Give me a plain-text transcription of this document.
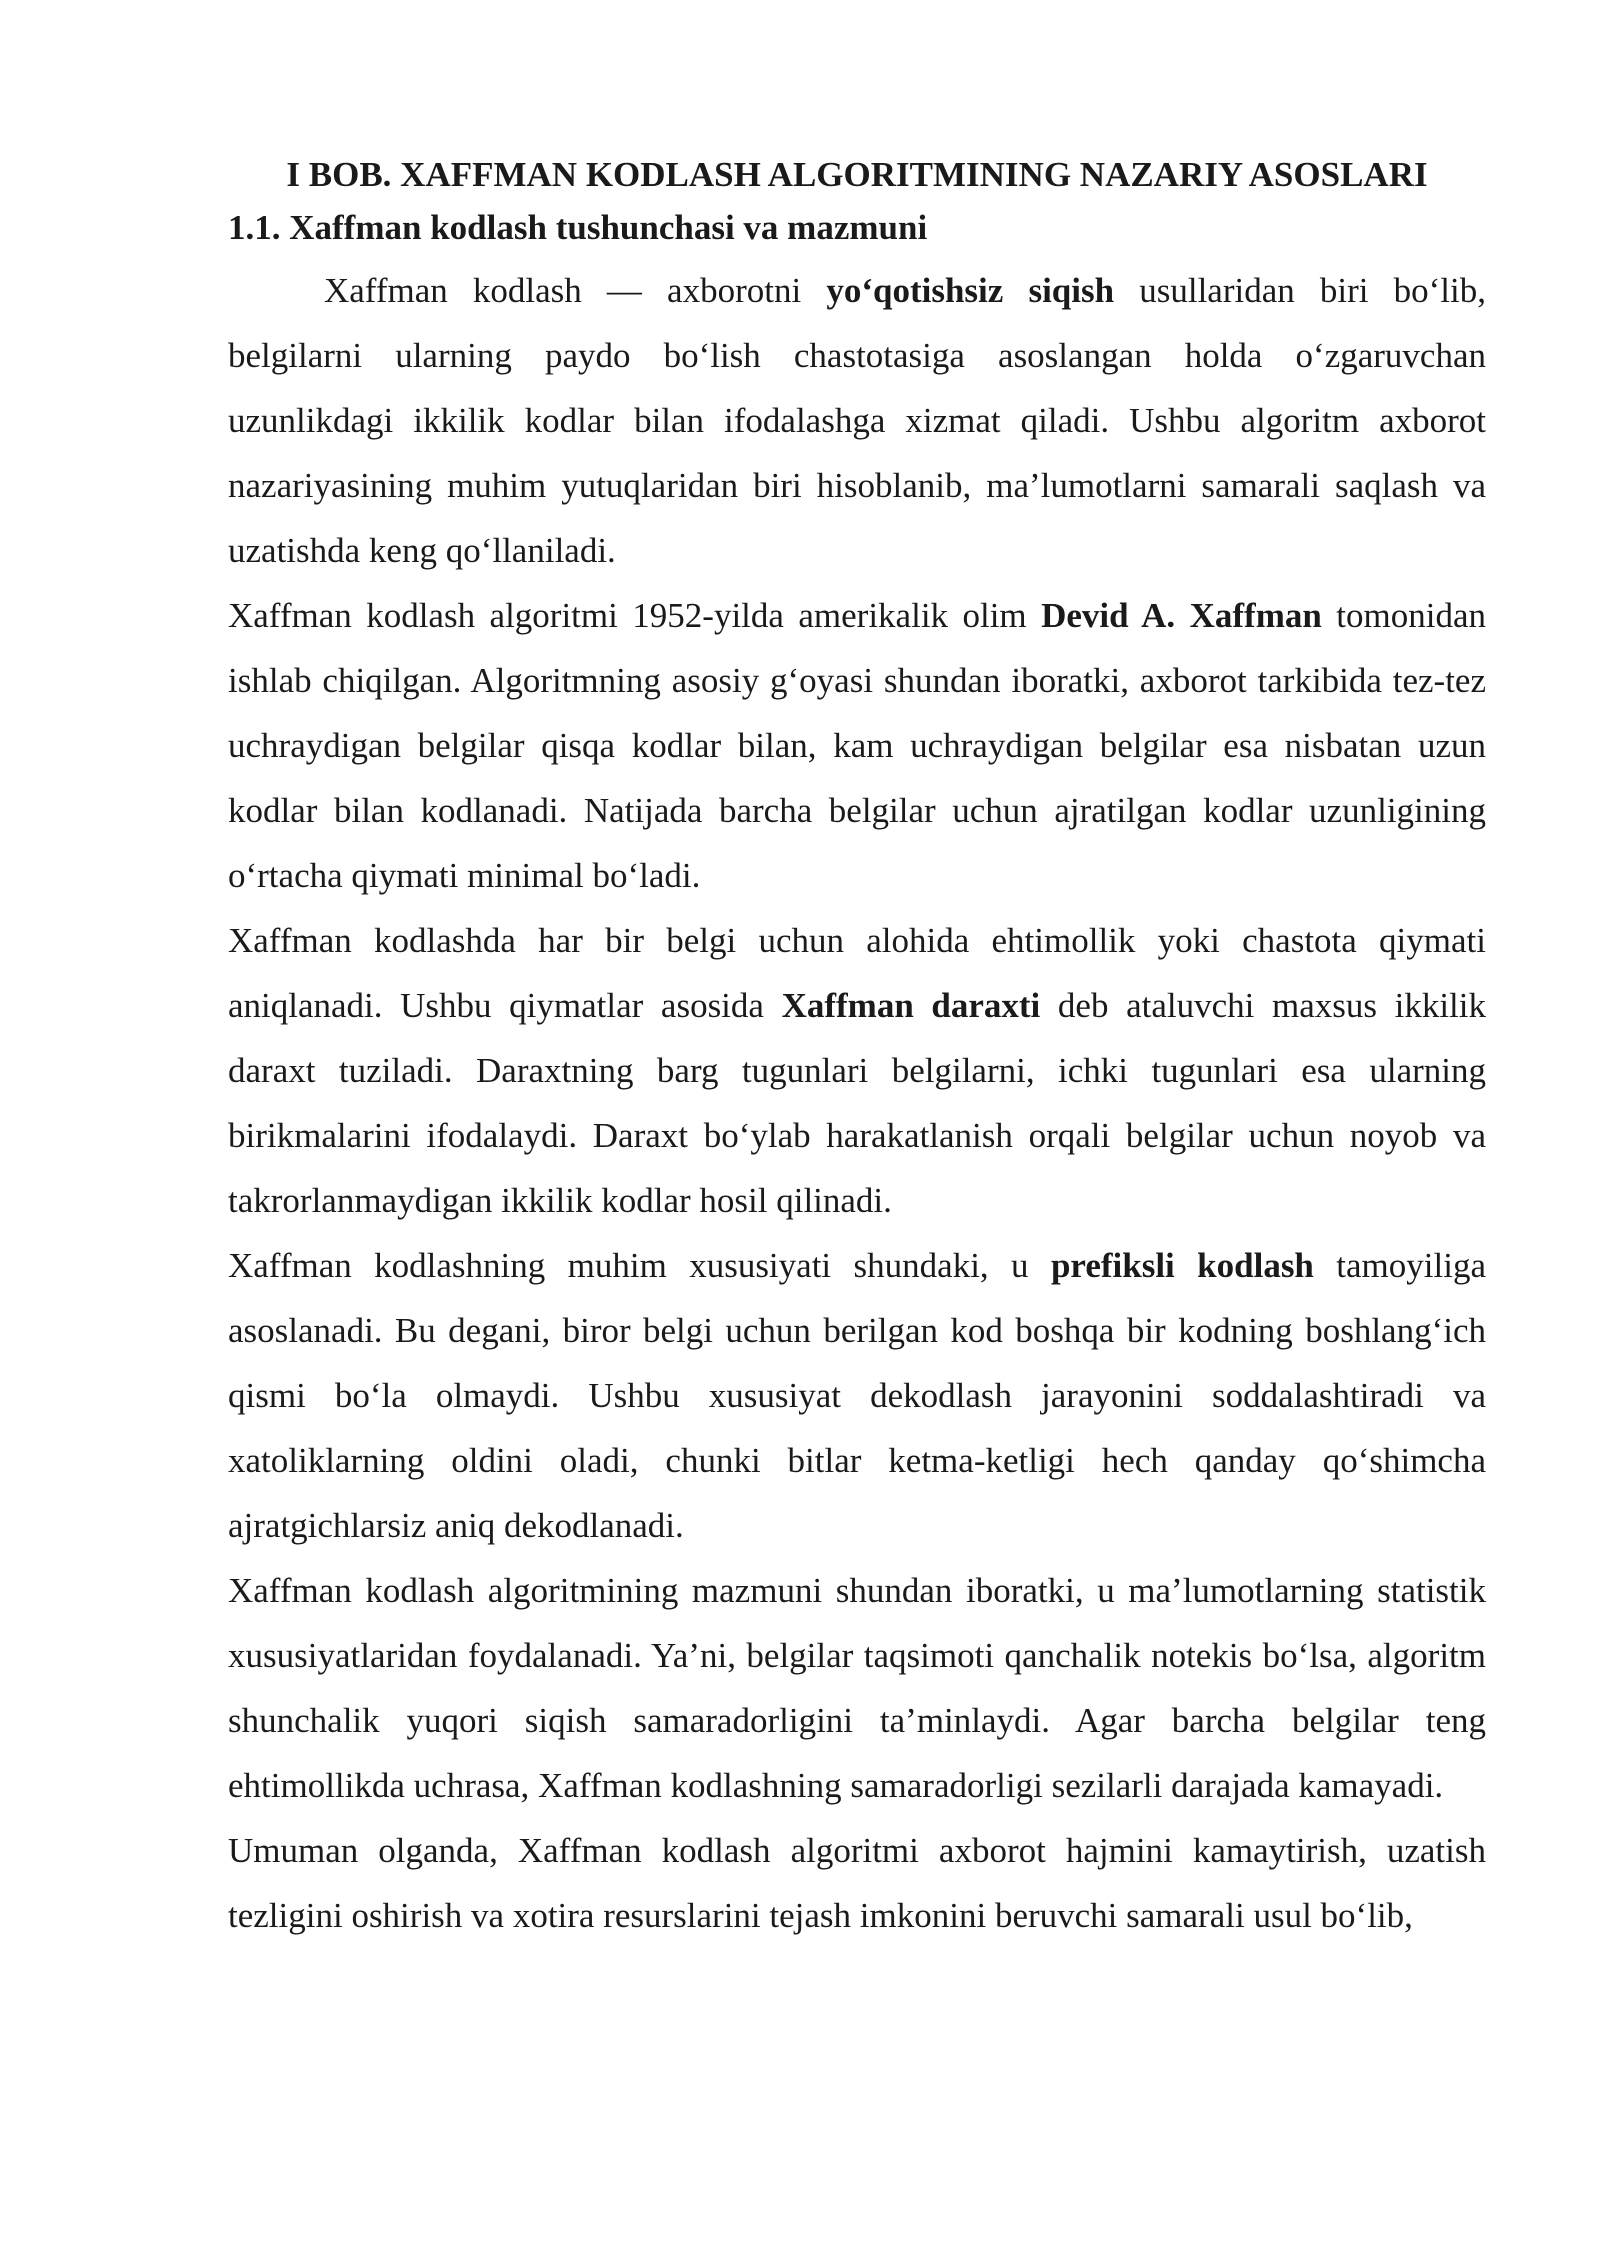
I BOB. XAFFMAN KODLASH ALGORITMINING NAZARIY ASOSLARI
1.1. Xaffman kodlash tushunchasi va mazmuni

Xaffman kodlash — axborotni yo‘qotishsiz siqish usullaridan biri bo‘lib, belgilarni ularning paydo bo‘lish chastotasiga asoslangan holda o‘zgaruvchan uzunlikdagi ikkilik kodlar bilan ifodalashga xizmat qiladi. Ushbu algoritm axborot nazariyasining muhim yutuqlaridan biri hisoblanib, ma’lumotlarni samarali saqlash va uzatishda keng qo‘llaniladi.

Xaffman kodlash algoritmi 1952-yilda amerikalik olim Devid A. Xaffman tomonidan ishlab chiqilgan. Algoritmning asosiy g‘oyasi shundan iboratki, axborot tarkibida tez-tez uchraydigan belgilar qisqa kodlar bilan, kam uchraydigan belgilar esa nisbatan uzun kodlar bilan kodlanadi. Natijada barcha belgilar uchun ajratilgan kodlar uzunligining o‘rtacha qiymati minimal bo‘ladi.

Xaffman kodlashda har bir belgi uchun alohida ehtimollik yoki chastota qiymati aniqlanadi. Ushbu qiymatlar asosida Xaffman daraxti deb ataluvchi maxsus ikkilik daraxt tuziladi. Daraxtning barg tugunlari belgilarni, ichki tugunlari esa ularning birikmalarini ifodalaydi. Daraxt bo‘ylab harakatlanish orqali belgilar uchun noyob va takrorlanmaydigan ikkilik kodlar hosil qilinadi.

Xaffman kodlashning muhim xususiyati shundaki, u prefiksli kodlash tamoyiliga asoslanadi. Bu degani, biror belgi uchun berilgan kod boshqa bir kodning boshlang‘ich qismi bo‘la olmaydi. Ushbu xususiyat dekodlash jarayonini soddalashtiradi va xatoliklarning oldini oladi, chunki bitlar ketma-ketligi hech qanday qo‘shimcha ajratgichlarsiz aniq dekodlanadi.

Xaffman kodlash algoritmining mazmuni shundan iboratki, u ma’lumotlarning statistik xususiyatlaridan foydalanadi. Ya’ni, belgilar taqsimoti qanchalik notekis bo‘lsa, algoritm shunchalik yuqori siqish samaradorligini ta’minlaydi. Agar barcha belgilar teng ehtimollikda uchrasa, Xaffman kodlashning samaradorligi sezilarli darajada kamayadi.

Umuman olganda, Xaffman kodlash algoritmi axborot hajmini kamaytirish, uzatish tezligini oshirish va xotira resurslarini tejash imkonini beruvchi samarali usul bo‘lib,
